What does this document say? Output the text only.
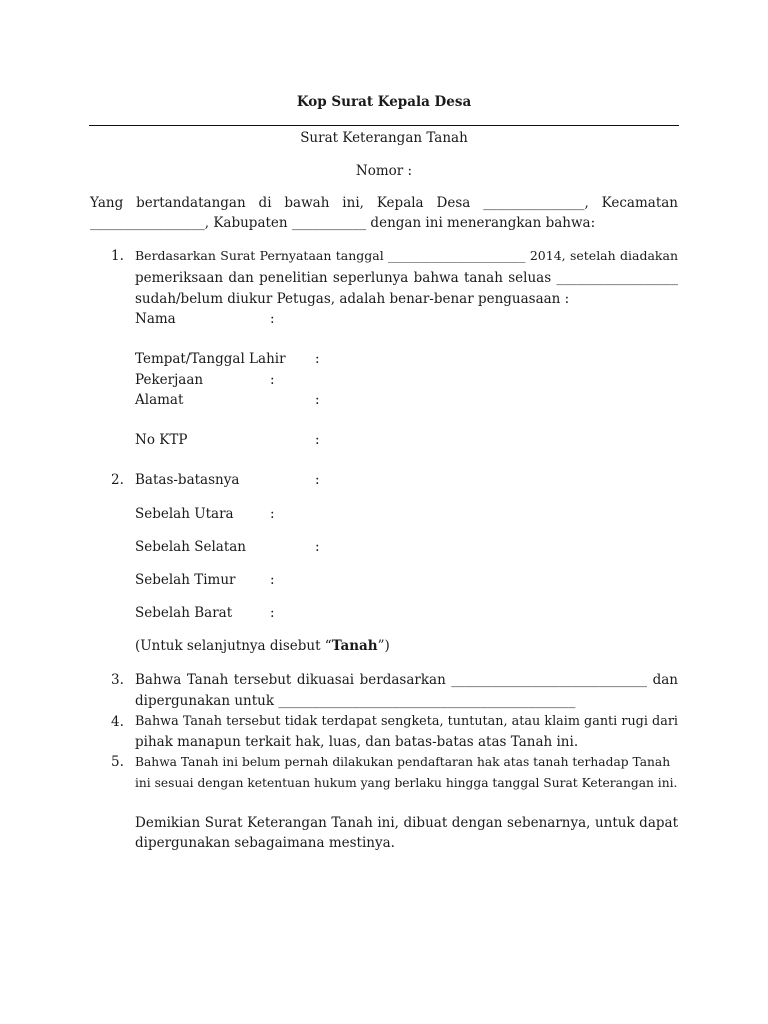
Kop Surat Kepala Desa
Surat Keterangan Tanah
Nomor :
Yang bertandatangan di bawah ini, Kepala Desa _______________, Kecamatan
_________________, Kabupaten ___________ dengan ini menerangkan bahwa:
1. Berdasarkan Surat Pernyataan tanggal ______________________ 2014, setelah diadakan
pemeriksaan dan penelitian seperlunya bahwa tanah seluas __________________
sudah/belum diukur Petugas, adalah benar-benar penguasaan :
Nama	:
Tempat/Tanggal Lahir :
Pekerjaan	:
Alamat	:
No KTP	:
2. Batas-batasnya	:
Sebelah Utara	:
Sebelah Selatan	:
Sebelah Timur	:
Sebelah Barat	:
(Untuk selanjutnya disebut “Tanah”)
3. Bahwa Tanah tersebut dikuasai berdasarkan _____________________________ dan
dipergunakan untuk ____________________________________________
4. Bahwa Tanah tersebut tidak terdapat sengketa, tuntutan, atau klaim ganti rugi dari
pihak manapun terkait hak, luas, dan batas-batas atas Tanah ini.
5. Bahwa Tanah ini belum pernah dilakukan pendaftaran hak atas tanah terhadap Tanah
ini sesuai dengan ketentuan hukum yang berlaku hingga tanggal Surat Keterangan ini.
Demikian Surat Keterangan Tanah ini, dibuat dengan sebenarnya, untuk dapat
dipergunakan sebagaimana mestinya.
